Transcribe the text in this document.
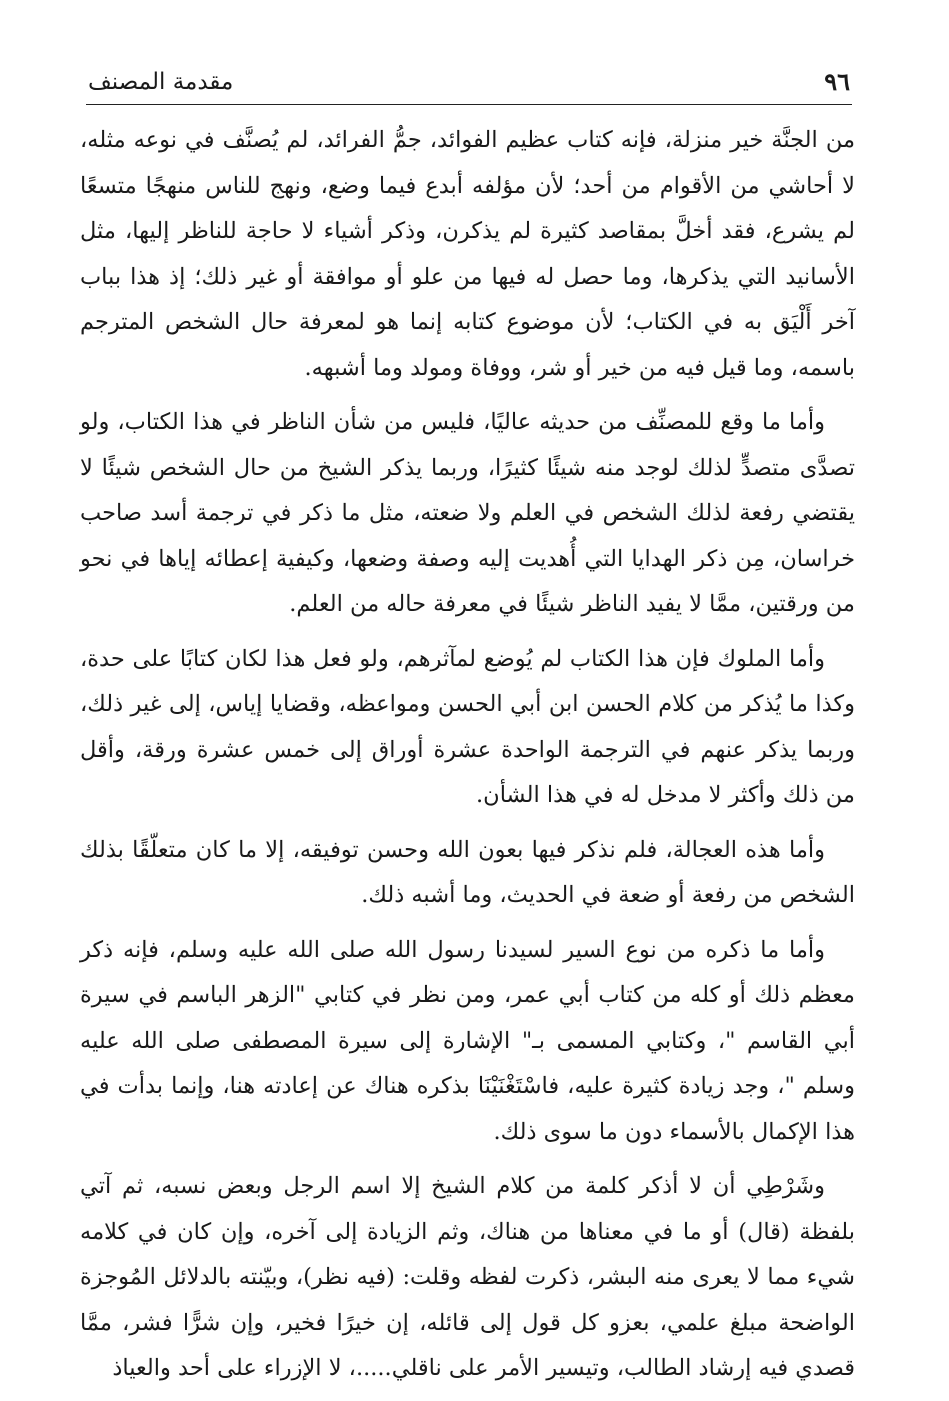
٩٦
مقدمة المصنف

من الجنَّة خير منزلة، فإنه كتاب عظيم الفوائد، جمُّ الفرائد، لم يُصنَّف في نوعه مثله، لا أحاشي من الأقوام من أحد؛ لأن مؤلفه أبدع فيما وضع، ونهج للناس منهجًا متسعًا لم يشرع، فقد أخلَّ بمقاصد كثيرة لم يذكرن، وذكر أشياء لا حاجة للناظر إليها، مثل الأسانيد التي يذكرها، وما حصل له فيها من علو أو موافقة أو غير ذلك؛ إذ هذا بباب آخر أَلْيَق به في الكتاب؛ لأن موضوع كتابه إنما هو لمعرفة حال الشخص المترجم باسمه، وما قيل فيه من خير أو شر، ووفاة ومولد وما أشبهه.

وأما ما وقع للمصنِّف من حديثه عاليًا، فليس من شأن الناظر في هذا الكتاب، ولو تصدَّى متصدٍّ لذلك لوجد منه شيئًا كثيرًا، وربما يذكر الشيخ من حال الشخص شيئًا لا يقتضي رفعة لذلك الشخص في العلم ولا ضعته، مثل ما ذكر في ترجمة أسد صاحب خراسان، مِن ذكر الهدايا التي أُهديت إليه وصفة وضعها، وكيفية إعطائه إياها في نحو من ورقتين، ممَّا لا يفيد الناظر شيئًا في معرفة حاله من العلم.

وأما الملوك فإن هذا الكتاب لم يُوضع لمآثرهم، ولو فعل هذا لكان كتابًا على حدة، وكذا ما يُذكر من كلام الحسن ابن أبي الحسن ومواعظه، وقضايا إياس، إلى غير ذلك، وربما يذكر عنهم في الترجمة الواحدة عشرة أوراق إلى خمس عشرة ورقة، وأقل من ذلك وأكثر لا مدخل له في هذا الشأن.

وأما هذه العجالة، فلم نذكر فيها بعون الله وحسن توفيقه، إلا ما كان متعلّقًا بذلك الشخص من رفعة أو ضعة في الحديث، وما أشبه ذلك.

وأما ما ذكره من نوع السير لسيدنا رسول الله صلى الله عليه وسلم، فإنه ذكر معظم ذلك أو كله من كتاب أبي عمر، ومن نظر في كتابي "الزهر الباسم في سيرة أبي القاسم "، وكتابي المسمى بـ" الإشارة إلى سيرة المصطفى صلى الله عليه وسلم "، وجد زيادة كثيرة عليه، فاسْتَغْنَيْنَا بذكره هناك عن إعادته هنا، وإنما بدأت في هذا الإكمال بالأسماء دون ما سوى ذلك.

وشَرْطِي أن لا أذكر كلمة من كلام الشيخ إلا اسم الرجل وبعض نسبه، ثم آتي بلفظة (قال) أو ما في معناها من هناك، وثم الزيادة إلى آخره، وإن كان في كلامه شيء مما لا يعرى منه البشر، ذكرت لفظه وقلت: (فيه نظر)، وبيّنته بالدلائل المُوجزة الواضحة مبلغ علمي، بعزو كل قول إلى قائله، إن خيرًا فخير، وإن شرًّا فشر، ممَّا قصدي فيه إرشاد الطالب، وتيسير الأمر على ناقلي.....، لا الإزراء على أحد والعياذ
